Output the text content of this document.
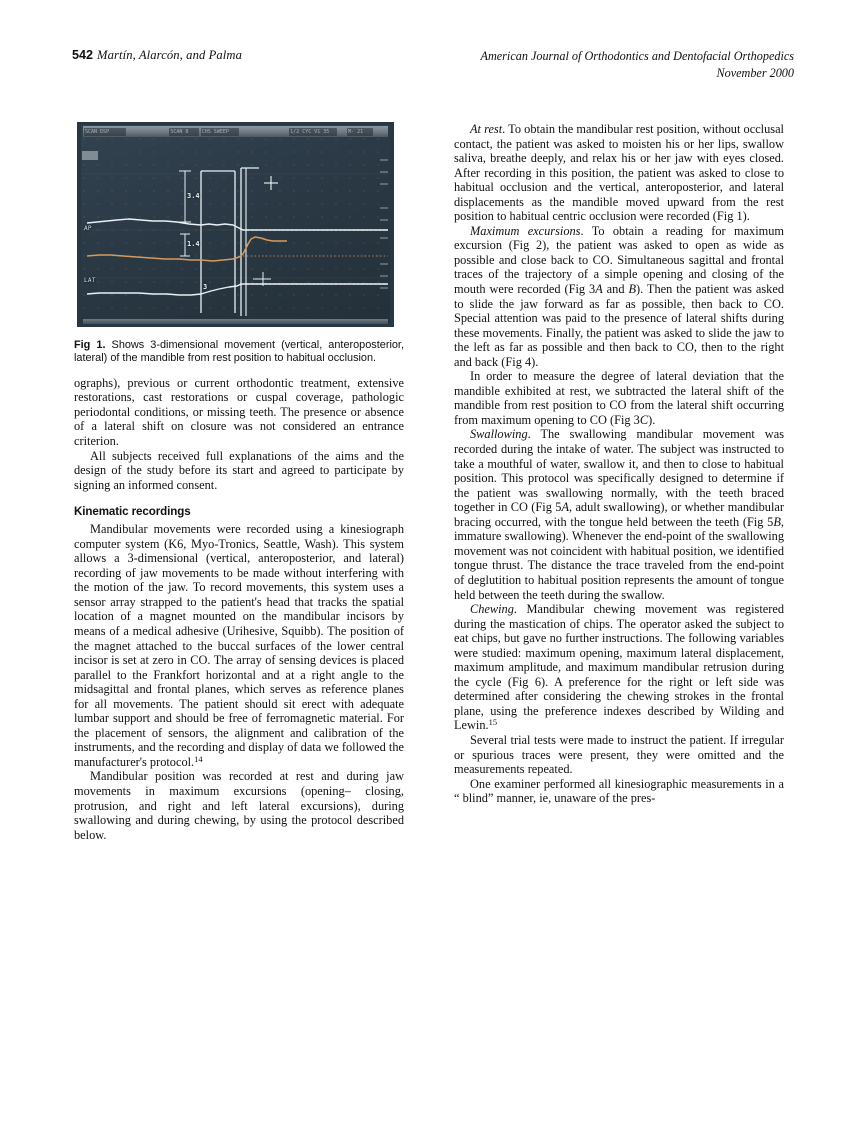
542 Martín, Alarcón, and Palma	American Journal of Orthodontics and Dentofacial Orthopedics
November 2000
SCAN DSP	SCAN 8	CHS SWEEP	1/2 CYC V1 35	M- 21
AP
LAT
3.4
1.4
3
Fig 1. Shows 3-dimensional movement (vertical, anteroposterior, lateral) of the mandible from rest position to habitual occlusion.

ographs), previous or current orthodontic treatment, extensive restorations, cast restorations or cuspal coverage, pathologic periodontal conditions, or missing teeth. The presence or absence of a lateral shift on closure was not considered an entrance criterion.

All subjects received full explanations of the aims and the design of the study before its start and agreed to participate by signing an informed consent.

Kinematic recordings

Mandibular movements were recorded using a kinesiograph computer system (K6, Myo-Tronics, Seattle, Wash). This system allows a 3-dimensional (vertical, anteroposterior, and lateral) recording of jaw movements to be made without interfering with the motion of the jaw. To record movements, this system uses a sensor array strapped to the patient's head that tracks the spatial location of a magnet mounted on the mandibular incisors by means of a medical adhesive (Urihesive, Squibb). The position of the magnet attached to the buccal surfaces of the lower central incisor is set at zero in CO. The array of sensing devices is placed parallel to the Frankfort horizontal and at a right angle to the midsagittal and frontal planes, which serves as reference planes for all movements. The patient should sit erect with adequate lumbar support and should be free of ferromagnetic material. For the placement of sensors, the alignment and calibration of the instruments, and the recording and display of data we followed the manufacturer's protocol.$^{14}$

Mandibular position was recorded at rest and during jaw movements in maximum excursions (opening– closing, protrusion, and right and left lateral excursions), during swallowing and during chewing, by using the protocol described below.

At rest. To obtain the mandibular rest position, without occlusal contact, the patient was asked to moisten his or her lips, swallow saliva, breathe deeply, and relax his or her jaw with eyes closed. After recording in this position, the patient was asked to close to habitual occlusion and the vertical, anteroposterior, and lateral displacements as the mandible moved upward from the rest position to habitual centric occlusion were recorded (Fig 1).

Maximum excursions. To obtain a reading for maximum excursion (Fig 2), the patient was asked to open as wide as possible and close back to CO. Simultaneous sagittal and frontal traces of the trajectory of a simple opening and closing of the mouth were recorded (Fig 3A and B). Then the patient was asked to slide the jaw forward as far as possible, then back to CO. Special attention was paid to the presence of lateral shifts during these movements. Finally, the patient was asked to slide the jaw to the left as far as possible and then back to CO, then to the right and back (Fig 4).

In order to measure the degree of lateral deviation that the mandible exhibited at rest, we subtracted the lateral shift of the mandible from rest position to CO from the lateral shift occurring from maximum opening to CO (Fig 3C).

Swallowing. The swallowing mandibular movement was recorded during the intake of water. The subject was instructed to take a mouthful of water, swallow it, and then to close to habitual position. This protocol was specifically designed to determine if the patient was swallowing normally, with the teeth braced together in CO (Fig 5A, adult swallowing), or whether mandibular bracing occurred, with the tongue held between the teeth (Fig 5B, immature swallowing). Whenever the end-point of the swallowing movement was not coincident with habitual position, we identified tongue thrust. The distance the trace traveled from the end-point of deglutition to habitual position represents the amount of tongue held between the teeth during the swallow.

Chewing. Mandibular chewing movement was registered during the mastication of chips. The operator asked the subject to eat chips, but gave no further instructions. The following variables were studied: maximum opening, maximum lateral displacement, maximum amplitude, and maximum mandibular retrusion during the cycle (Fig 6). A preference for the right or left side was determined after considering the chewing strokes in the frontal plane, using the preference indexes described by Wilding and Lewin.$^{15}$

Several trial tests were made to instruct the patient. If irregular or spurious traces were present, they were omitted and the measurements repeated.

One examiner performed all kinesiographic measurements in a “ blind” manner, ie, unaware of the pres-
